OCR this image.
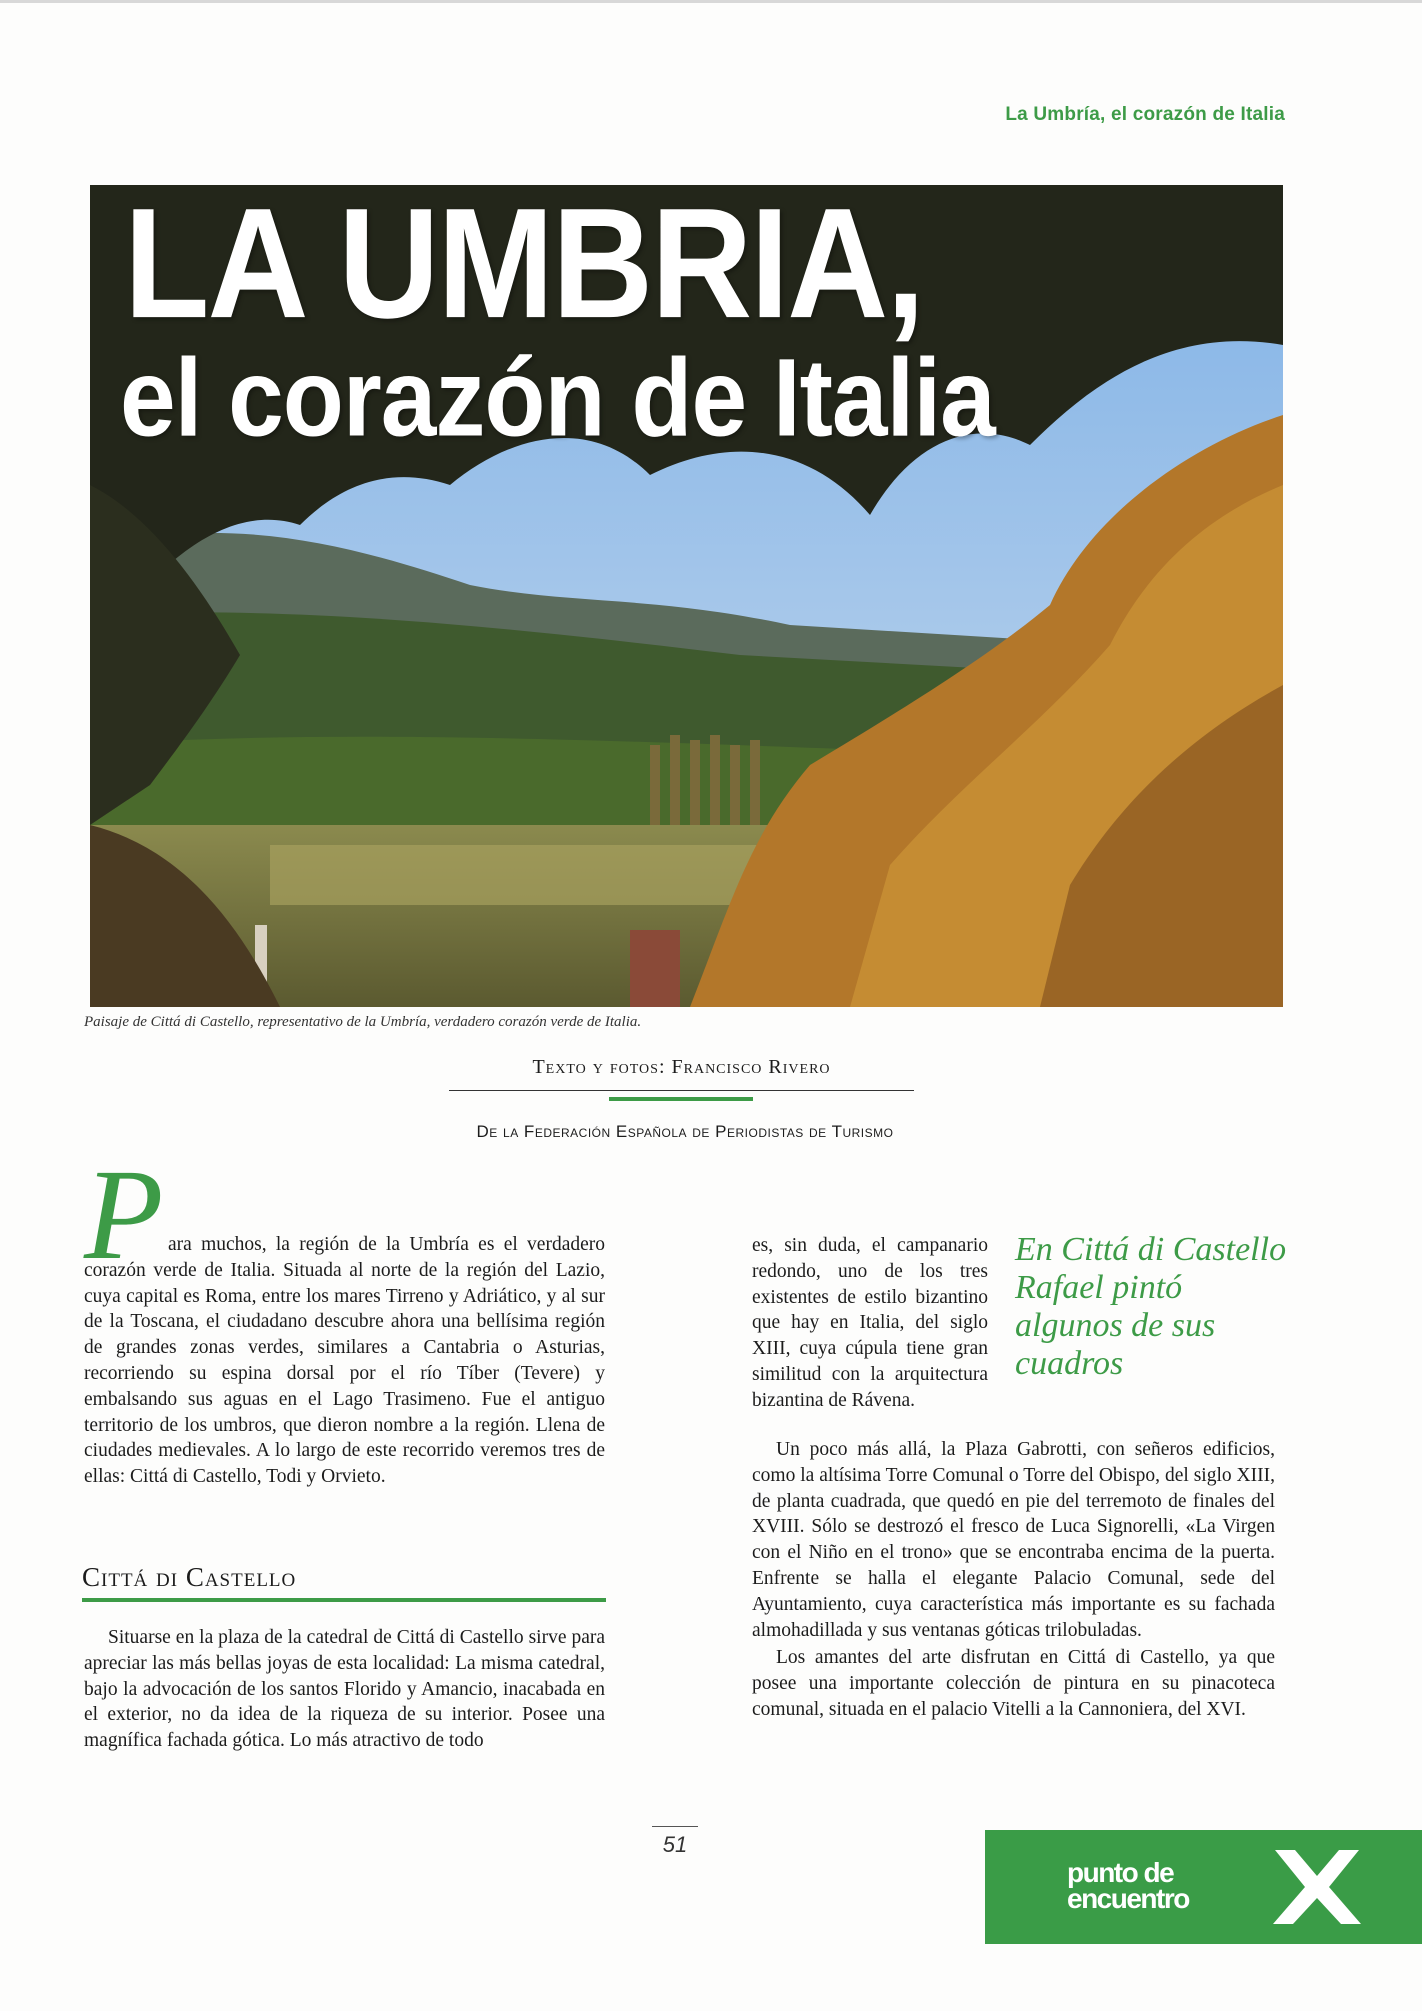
La Umbría, el corazón de Italia
LA UMBRIA,
el corazón de Italia
Paisaje de Cittá di Castello, representativo de la Umbría, verdadero corazón verde de Italia.
Texto y fotos: Francisco Rivero
De la Federación Española de Periodistas de Turismo
P ara muchos, la región de la Umbría es el verdadero corazón verde de Italia. Situada al norte de la región del Lazio, cuya capital es Roma, entre los mares Tirreno y Adriático, y al sur de la Toscana, el ciudadano descubre ahora una bellísima región de grandes zonas verdes, similares a Cantabria o Asturias, recorriendo su espina dorsal por el río Tíber (Tevere) y embalsando sus aguas en el Lago Trasimeno. Fue el antiguo territorio de los umbros, que dieron nombre a la región. Llena de ciudades medievales. A lo largo de este recorrido veremos tres de ellas: Cittá di Castello, Todi y Orvieto.

Cittá di Castello

Situarse en la plaza de la catedral de Cittá di Castello sirve para apreciar las más bellas joyas de esta localidad: La misma catedral, bajo la advocación de los santos Florido y Amancio, inacabada en el exterior, no da idea de la riqueza de su interior. Posee una magnífica fachada gótica. Lo más atractivo de todo

es, sin duda, el campanario redondo, uno de los tres existentes de estilo bizantino que hay en Italia, del siglo XIII, cuya cúpula tiene gran similitud con la arquitectura bizantina de Rávena.

En Cittá di Castello Rafael pintó algunos de sus cuadros

Un poco más allá, la Plaza Gabrotti, con señeros edificios, como la altísima Torre Comunal o Torre del Obispo, del siglo XIII, de planta cuadrada, que quedó en pie del terremoto de finales del XVIII. Sólo se destrozó el fresco de Luca Signorelli, «La Virgen con el Niño en el trono» que se encontraba encima de la puerta. Enfrente se halla el elegante Palacio Comunal, sede del Ayuntamiento, cuya característica más importante es su fachada almohadillada y sus ventanas góticas trilobuladas.

Los amantes del arte disfrutan en Cittá di Castello, ya que posee una importante colección de pintura en su pinacoteca comunal, situada en el palacio Vitelli a la Cannoniera, del XVI.

51
punto de
encuentro
